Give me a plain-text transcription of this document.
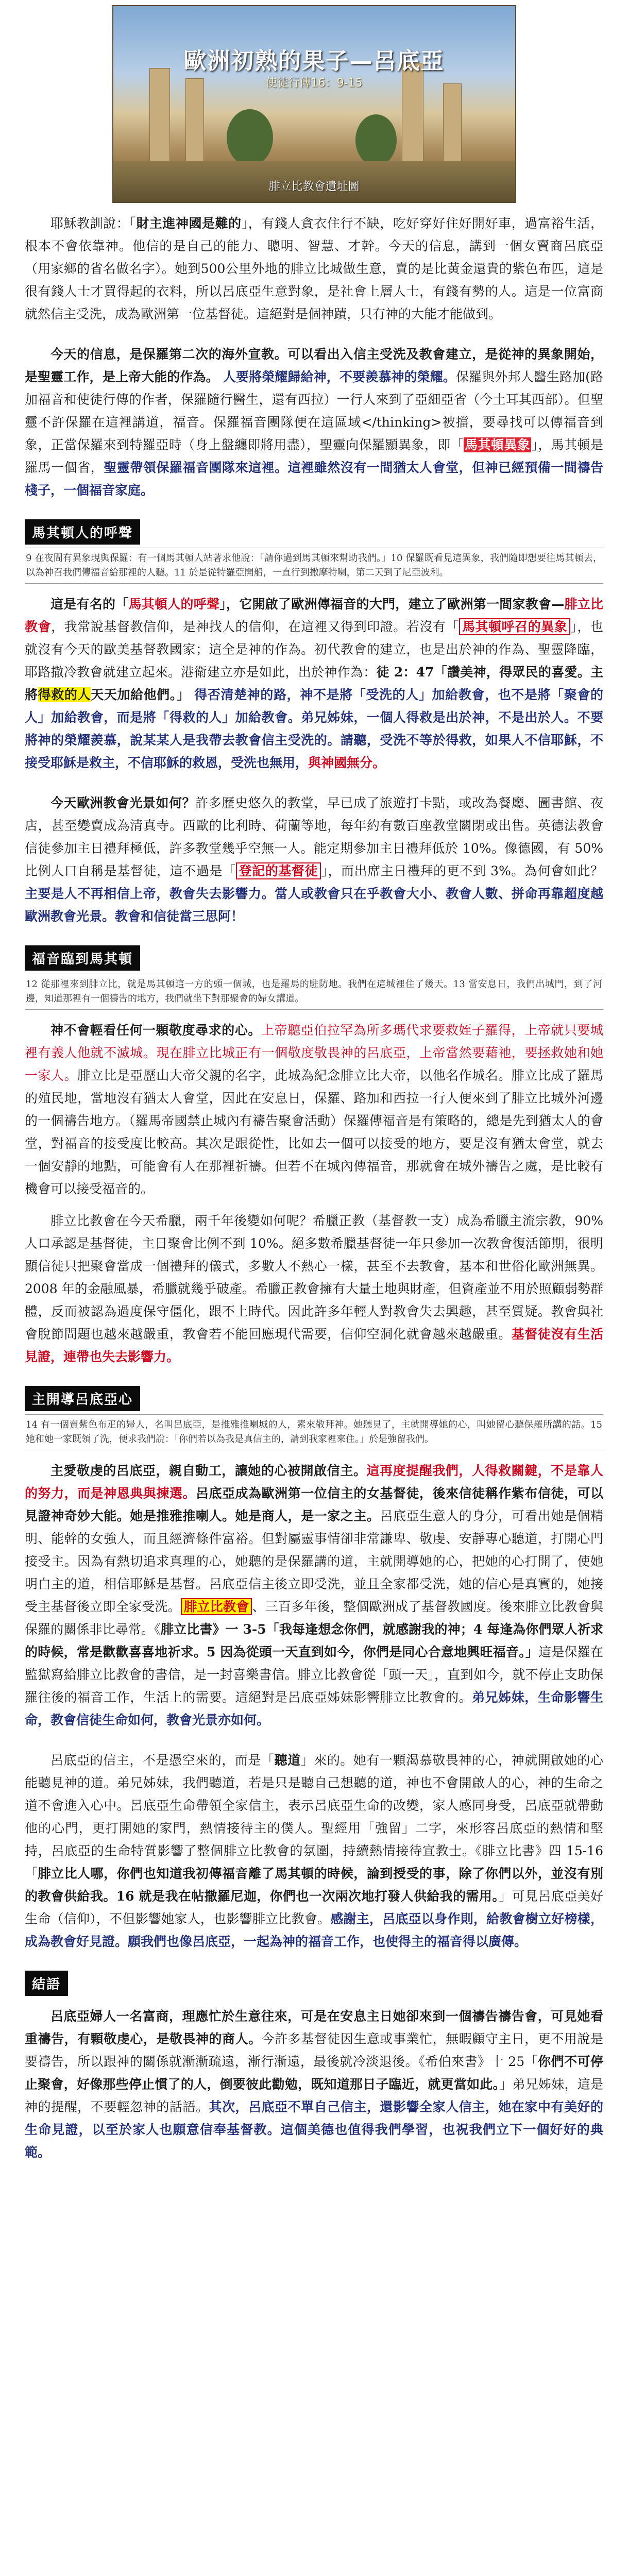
歐洲初熟的果子—呂底亞
使徒行傳16：9-15
腓立比教會遺址圖

耶穌教訓說：「財主進神國是難的」，有錢人貪衣住行不缺，吃好穿好住好開好車，過富裕生活，根本不會依靠神。他信的是自己的能力、聰明、智慧、才幹。今天的信息，講到一個女賣商呂底亞（用家鄉的省名做名字）。她到500公里外地的腓立比城做生意，賣的是比黃金還貴的紫色布匹，這是很有錢人士才買得起的衣料，所以呂底亞生意對象，是社會上層人士，有錢有勢的人。這是一位富商就然信主受洗，成為歐洲第一位基督徒。這絕對是個神蹟，只有神的大能才能做到。

今天的信息，是保羅第二次的海外宣教。可以看出入信主受洗及教會建立，是從神的異象開始，是聖靈工作，是上帝大能的作為。 人要將榮耀歸給神，不要羨慕神的榮耀。保羅與外邦人醫生路加(路加福音和使徒行傳的作者，保羅隨行醫生，還有西拉）一行人來到了亞細亞省（今土耳其西部）。但聖靈不許保羅在這裡講道，福音。保羅福音團隊便在這區域</thinking>被擋，要尋找可以傳福音到象，正當保羅來到特羅亞時（身上盤纏即將用盡），聖靈向保羅顯異象，即「馬其頓異象」，馬其頓是羅馬一個省，聖靈帶領保羅福音團隊來這裡。這裡雖然沒有一間猶太人會堂，但神已經預備一間禱告棧子，一個福音家庭。

馬其頓人的呼聲
9 在夜間有異象現與保羅：有一個馬其頓人站著求他說：「請你過到馬其頓來幫助我們。」10 保羅既看見這異象，我們隨即想要往馬其頓去，以為神召我們傳福音給那裡的人聽。11 於是從特羅亞開船，一直行到撒摩特喇，第二天到了尼亞波利。

這是有名的「馬其頓人的呼聲」，它開啟了歐洲傳福音的大門，建立了歐洲第一間家教會—腓立比教會，我常說基督教信仰，是神找人的信仰，在這裡又得到印證。若沒有「 馬其頓呼召的異象 」，也就沒有今天的歐美基督教國家；這全是神的作為。初代教會的建立，也是出於神的作為、聖靈降臨，耶路撒冷教會就建立起來。港衛建立亦是如此，出於神作為：徒 2：47「讚美神，得眾民的喜愛。主將得救的人天天加給他們。」 得否清楚神的路，神不是將「受洗的人」加給教會，也不是將「聚會的人」加給教會，而是將「得救的人」加給教會。弟兄姊妹，一個人得救是出於神，不是出於人。不要將神的榮耀羨慕，說某某人是我帶去教會信主受洗的。請聽，受洗不等於得救，如果人不信耶穌，不接受耶穌是救主，不信耶穌的救恩，受洗也無用，與神國無分。

今天歐洲教會光景如何？許多歷史悠久的教堂，早已成了旅遊打卡點，或改為餐廳、圖書館、夜店，甚至變賣成為清真寺。西歐的比利時、荷蘭等地，每年約有數百座教堂關閉或出售。英德法教會信徒參加主日禮拜極低，許多教堂幾乎空無一人。能定期參加主日禮拜低於 10%。像德國，有 50%比例人口自稱是基督徒，這不過是「 登記的基督徒 」，而出席主日禮拜的更不到 3%。為何會如此？ 主要是人不再相信上帝，教會失去影響力。當人或教會只在乎教會大小、教會人數、拼命再靠超度越歐洲教會光景。教會和信徒當三思阿！

福音臨到馬其頓
12 從那裡來到腓立比，就是馬其頓這一方的頭一個城，也是羅馬的駐防地。我們在這城裡住了幾天。13 當安息日，我們出城門，到了河邊，知道那裡有一個禱告的地方，我們就坐下對那聚會的婦女講道。

神不會輕看任何一顆敬度尋求的心。上帝聽亞伯拉罕為所多瑪代求要救姪子羅得，上帝就只要城裡有義人他就不滅城。現在腓立比城正有一個敬度敬畏神的呂底亞，上帝當然要藉祂，要拯救她和她一家人。腓立比是亞歷山大帝父親的名字，此城為紀念腓立比大帝，以他名作城名。腓立比成了羅馬的殖民地，當地沒有猶太人會堂，因此在安息日，保羅、路加和西拉一行人便來到了腓立比城外河邊的一個禱告地方。（羅馬帝國禁止城內有禱告聚會活動）保羅傳福音是有策略的，總是先到猶太人的會堂，對福音的接受度比較高。其次是跟從性，比如去一個可以接受的地方，要是沒有猶太會堂，就去一個安靜的地點，可能會有人在那裡祈禱。但若不在城內傳福音，那就會在城外禱告之處，是比較有機會可以接受福音的。

腓立比教會在今天希臘，兩千年後變如何呢？希臘正教（基督教一支）成為希臘主流宗教，90%人口承認是基督徒，主日聚會比例不到 10%。絕多數希臘基督徒一年只參加一次教會復活節期，很明顯信徒只把聚會當成一個禮拜的儀式，多數人不熱心一樣，甚至不去教會，基本和世俗化歐洲無異。2008 年的金融風暴，希臘就幾乎破產。希臘正教會擁有大量土地與財產，但資產並不用於照顧弱勢群體，反而被認為過度保守僵化，跟不上時代。因此許多年輕人對教會失去興趣，甚至質疑。教會與社會脫節問題也越來越嚴重，教會若不能回應現代需要，信仰空洞化就會越來越嚴重。基督徒沒有生活見證，連帶也失去影響力。

主開導呂底亞心
14 有一個賣紫色布疋的婦人，名叫呂底亞，是推雅推喇城的人，素來敬拜神。她聽見了，主就開導她的心，叫她留心聽保羅所講的話。15 她和她一家既領了洗，便求我們說：「你們若以為我是真信主的，請到我家裡來住。」於是強留我們。

主愛敬虔的呂底亞，親自動工，讓她的心被開啟信主。這再度提醒我們，人得救關鍵，不是靠人的努力，而是神恩典與揀選。呂底亞成為歐洲第一位信主的女基督徒，後來信徒稱作紫布信徒，可以見證神奇妙大能。她是推雅推喇人。她是商人，是一家之主。呂底亞生意人的身分，可看出她是個精明、能幹的女強人，而且經濟條件富裕。但對屬靈事情卻非常謙卑、敬虔、安靜專心聽道，打開心門接受主。因為有熱切追求真理的心，她聽的是保羅講的道，主就開導她的心，把她的心打開了，使她明白主的道，相信耶穌是基督。呂底亞信主後立即受洗，並且全家都受洗，她的信心是真實的，她接受主基督後立即全家受洗。 腓立比教會 、三百多年後，整個歐洲成了基督教國度。後來腓立比教會與保羅的關係非比尋常。《腓立比書》一 3-5「我每逢想念你們，就感謝我的神；4 每逢為你們眾人祈求的時候，常是歡歡喜喜地祈求。5 因為從頭一天直到如今，你們是同心合意地興旺福音。」這是保羅在監獄寫給腓立比教會的書信，是一封喜樂書信。腓立比教會從「頭一天」，直到如今，就不停止支助保羅往後的福音工作，生活上的需要。這絕對是呂底亞姊妹影響腓立比教會的。弟兄姊妹，生命影響生命，教會信徒生命如何，教會光景亦如何。

呂底亞的信主，不是憑空來的，而是「聽道」來的。她有一顆渴慕敬畏神的心，神就開啟她的心能聽見神的道。弟兄姊妹，我們聽道，若是只是聽自己想聽的道，神也不會開啟人的心，神的生命之道不會進入心中。呂底亞生命帶領全家信主，表示呂底亞生命的改變，家人感同身受，呂底亞就帶動他的心門，更打開她的家門，熱情接待主的僕人。聖經用「強留」二字，來形容呂底亞的熱情和堅持，呂底亞的生命特質影響了整個腓立比教會的氛圍，持續熱情接待宣教士。《腓立比書》四 15-16「腓立比人哪，你們也知道我初傳福音離了馬其頓的時候，論到授受的事，除了你們以外，並沒有別的教會供給我。16 就是我在帖撒羅尼迦，你們也一次兩次地打發人供給我的需用。」可見呂底亞美好生命（信仰），不但影響她家人，也影響腓立比教會。感謝主，呂底亞以身作則，給教會樹立好榜樣，成為教會好見證。願我們也像呂底亞，一起為神的福音工作，也使得主的福音得以廣傳。

結語

呂底亞婦人一名富商，理應忙於生意往來，可是在安息主日她卻來到一個禱告禱告會，可見她看重禱告，有顆敬虔心，是敬畏神的商人。今許多基督徒因生意或事業忙，無暇顧守主日，更不用說是要禱告，所以跟神的關係就漸漸疏遠，漸行漸遠，最後就冷淡退後。《希伯來書》十 25「你們不可停止聚會，好像那些停止慣了的人，倒要彼此勸勉，既知道那日子臨近，就更當如此。」弟兄姊妹，這是神的提醒，不要輕忽神的話語。其次，呂底亞不單自己信主，還影響全家人信主，她在家中有美好的生命見證，以至於家人也願意信奉基督教。這個美德也值得我們學習，也祝我們立下一個好好的典範。
